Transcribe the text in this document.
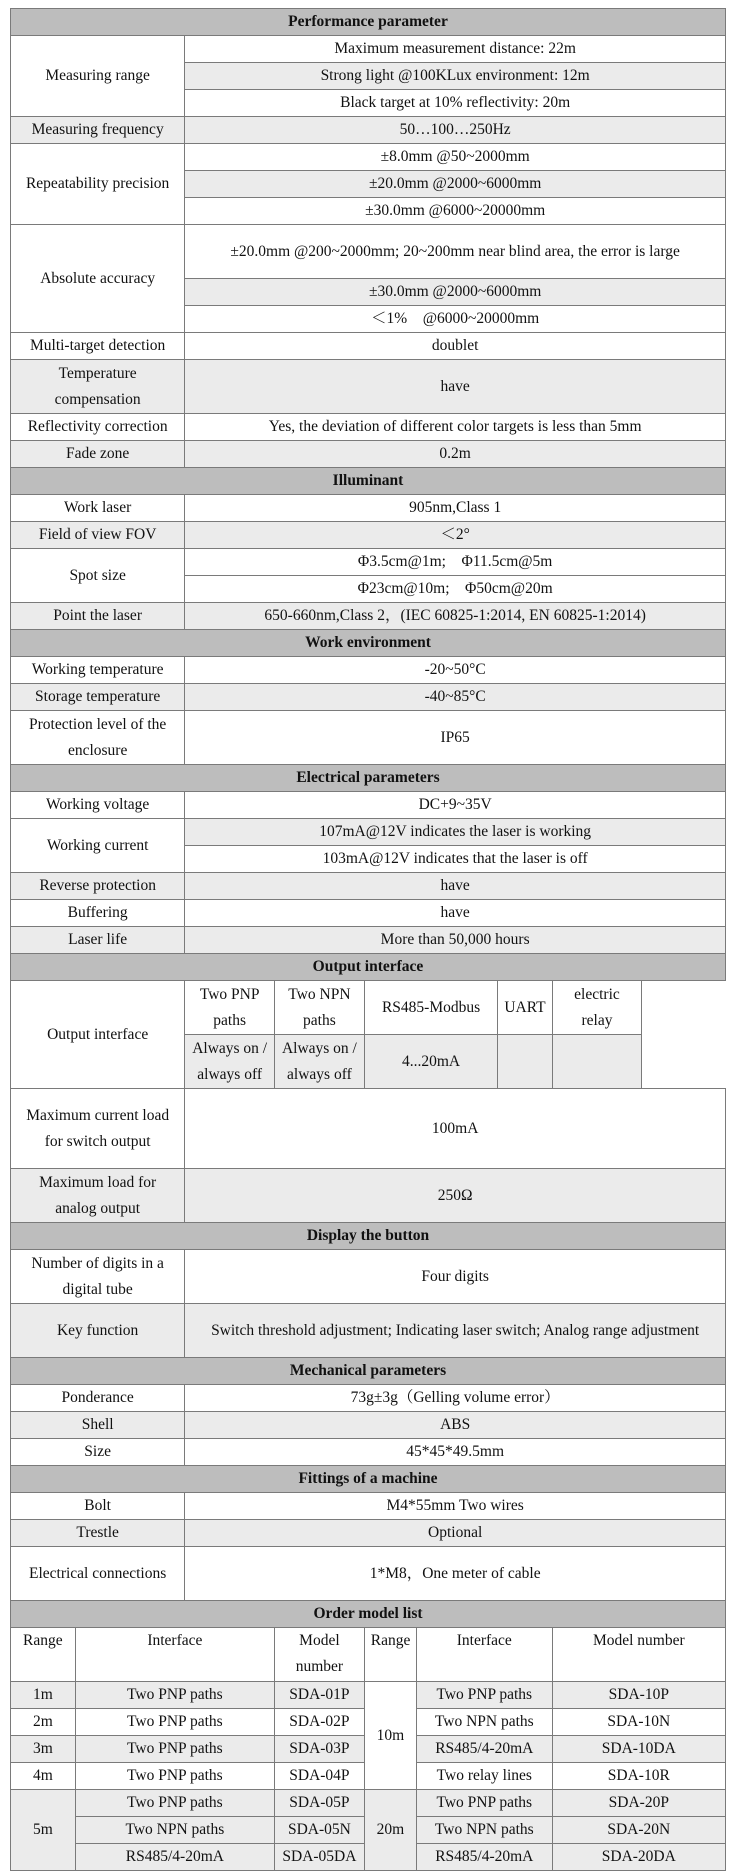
Performance parameter							
Measuring range		Maximum measurement distance: 22m					
		Strong light @100KLux environment: 12m					
		Black target at 10% reflectivity: 20m					
Measuring frequency		50…100…250Hz					
Repeatability precision		±8.0mm @50~2000mm					
		±20.0mm @2000~6000mm					
		±30.0mm @6000~20000mm					
Absolute accuracy		±20.0mm @200~2000mm; 20~200mm near blind area, the error is large					
		±30.0mm @2000~6000mm					
		＜1%　@6000~20000mm					
Multi-target detection		doublet					
Temperature compensation		have					
Reflectivity correction		Yes, the deviation of different color targets is less than 5mm					
Fade zone		0.2m					
Illuminant							
Work laser		905nm,Class 1					
Field of view FOV		＜2°					
Spot size		Φ3.5cm@1m;　Φ11.5cm@5m					
		Φ23cm@10m;　Φ50cm@20m					
Point the laser		650-660nm,Class 2，(IEC 60825-1:2014, EN 60825-1:2014)					
Work environment							
Working temperature		-20~50°C					
Storage temperature		-40~85°C					
Protection level of the enclosure		IP65					
Electrical parameters							
Working voltage		DC+9~35V					
Working current		107mA@12V indicates the laser is working					
		103mA@12V indicates that the laser is off					
Reverse protection		have					
Buffering		have					
Laser life		More than 50,000 hours					
Output interface							
Output interface		Two PNP paths	Two NPN paths	RS485-Modbus		UART	electric relay
		Always on / always off	Always on / always off	4...20mA			
Maximum current load for switch output		100mA					
Maximum load for analog output		250Ω					
Display the button							
Number of digits in a digital tube		Four digits					
Key function		Switch threshold adjustment; Indicating laser switch; Analog range adjustment					
Mechanical parameters							
Ponderance		73g±3g（Gelling volume error）					
Shell		ABS					
Size		45*45*49.5mm					
Fittings of a machine							
Bolt		M4*55mm Two wires					
Trestle		Optional					
Electrical connections		1*M8，One meter of cable					
Order model list							
Range	Interface		Model number	Range	Interface		Model number
1m	Two PNP paths		SDA-01P	10m	Two PNP paths		SDA-10P
2m	Two PNP paths		SDA-02P		Two NPN paths		SDA-10N
3m	Two PNP paths		SDA-03P		RS485/4-20mA		SDA-10DA
4m	Two PNP paths		SDA-04P		Two relay lines		SDA-10R
5m	Two PNP paths		SDA-05P	20m	Two PNP paths		SDA-20P
	Two NPN paths		SDA-05N		Two NPN paths		SDA-20N
	RS485/4-20mA		SDA-05DA		RS485/4-20mA		SDA-20DA
